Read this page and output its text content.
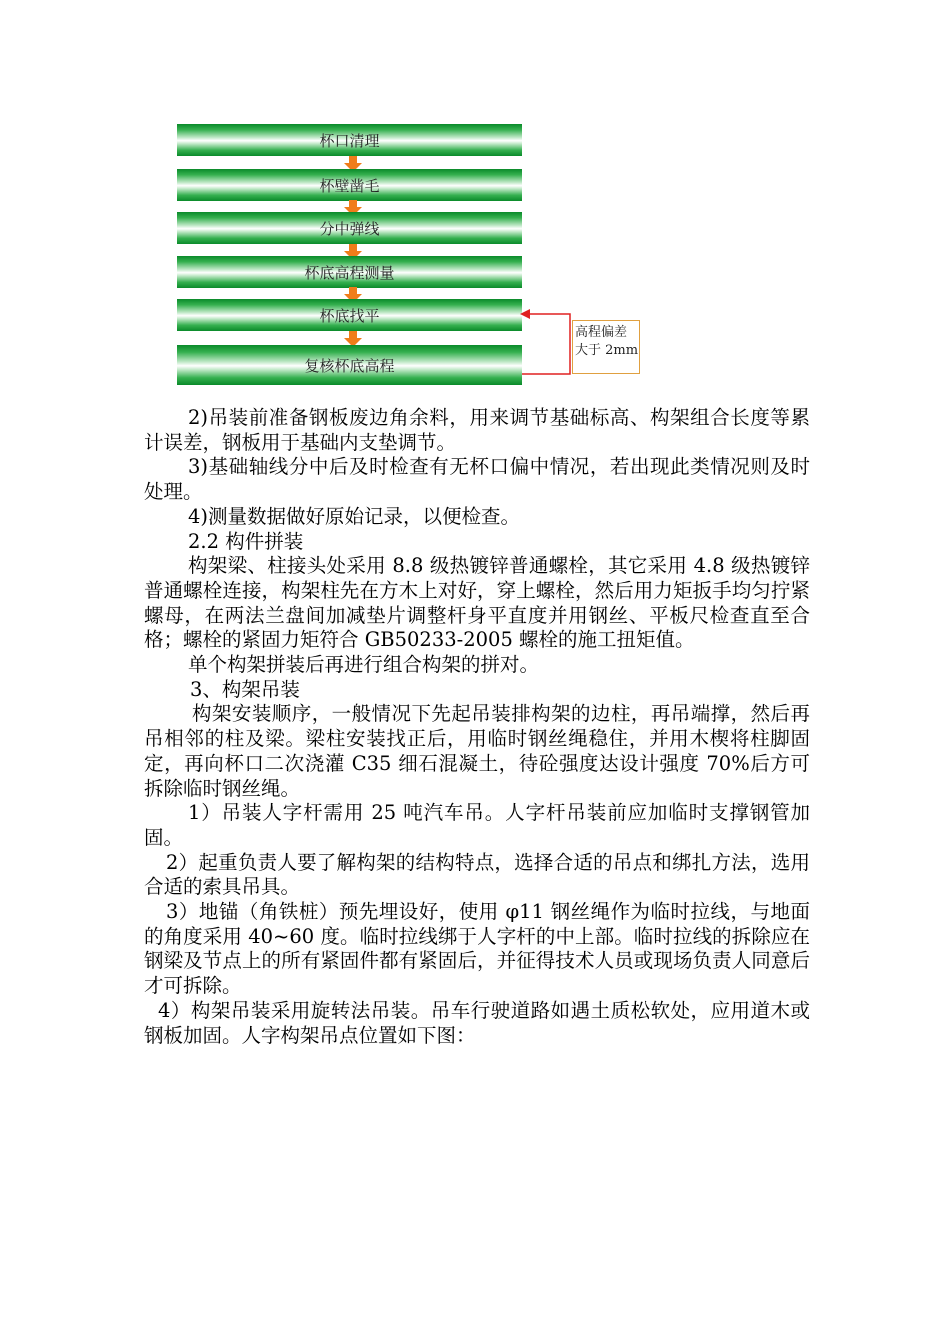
杯口清理
杯壁凿毛
分中弹线
杯底高程测量
杯底找平
复核杯底高程
高程偏差大于 2mm

2)吊装前准备钢板废边角余料，用来调节基础标高、构架组合长度等累计误差，钢板用于基础内支垫调节。

3)基础轴线分中后及时检查有无杯口偏中情况，若出现此类情况则及时处理。

4)测量数据做好原始记录，以便检查。

2.2 构件拼装

构架梁、柱接头处采用 8.8 级热镀锌普通螺栓，其它采用 4.8 级热镀锌普通螺栓连接，构架柱先在方木上对好，穿上螺栓，然后用力矩扳手均匀拧紧螺母，在两法兰盘间加减垫片调整杆身平直度并用钢丝、平板尺检查直至合格；螺栓的紧固力矩符合 GB50233-2005 螺栓的施工扭矩值。

单个构架拼装后再进行组合构架的拼对。

3、构架吊装

构架安装顺序，一般情况下先起吊装排构架的边柱，再吊端撑，然后再吊相邻的柱及梁。梁柱安装找正后，用临时钢丝绳稳住，并用木楔将柱脚固定，再向杯口二次浇灌 C35 细石混凝土，待砼强度达设计强度 70%后方可拆除临时钢丝绳。

1）吊装人字杆需用 25 吨汽车吊。人字杆吊装前应加临时支撑钢管加固。

2）起重负责人要了解构架的结构特点，选择合适的吊点和绑扎方法，选用合适的索具吊具。

3）地锚（角铁桩）预先埋设好，使用 φ11 钢丝绳作为临时拉线，与地面的角度采用 40~60 度。临时拉线绑于人字杆的中上部。临时拉线的拆除应在钢梁及节点上的所有紧固件都有紧固后，并征得技术人员或现场负责人同意后才可拆除。

4）构架吊装采用旋转法吊装。吊车行驶道路如遇土质松软处，应用道木或钢板加固。人字构架吊点位置如下图：
